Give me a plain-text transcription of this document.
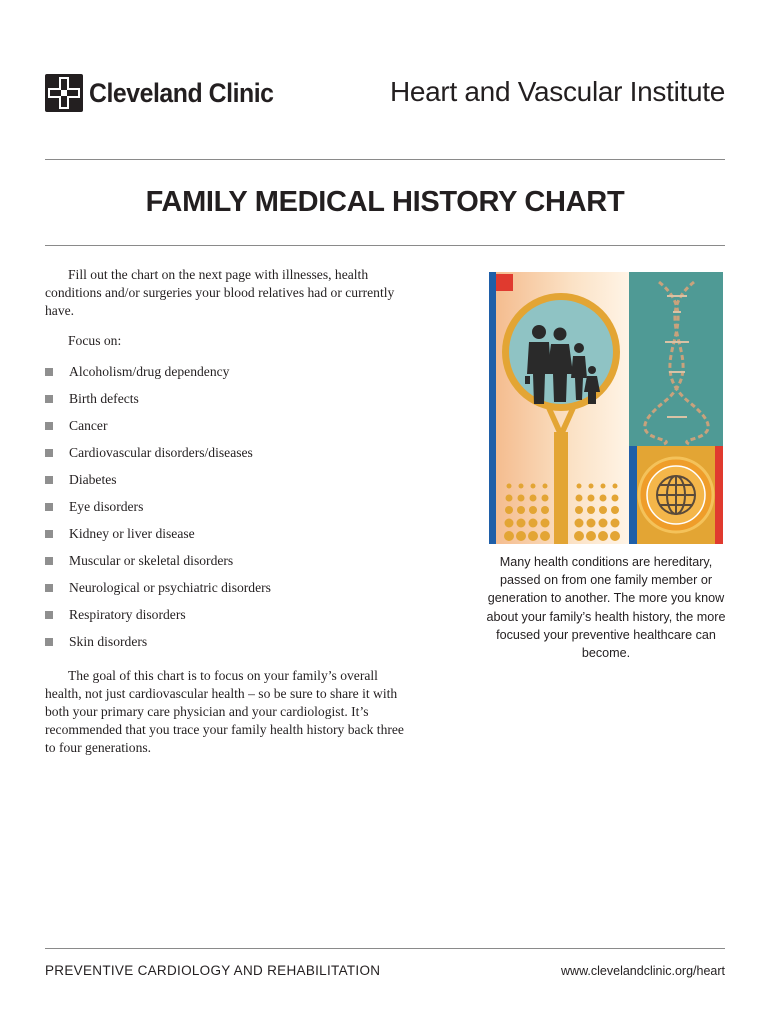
Cleveland Clinic	Heart and Vascular Institute
FAMILY MEDICAL HISTORY CHART

Fill out the chart on the next page with illnesses, health conditions and/or surgeries your blood relatives had or currently have.

Focus on:
Alcoholism/drug dependency
Birth defects
Cancer
Cardiovascular disorders/diseases
Diabetes
Eye disorders
Kidney or liver disease
Muscular or skeletal disorders
Neurological or psychiatric disorders
Respiratory disorders
Skin disorders

The goal of this chart is to focus on your family’s overall health, not just cardiovascular health – so be sure to share it with both your primary care physician and your cardiologist. It’s recommended that you trace your family health history back three to four generations.

Many health conditions are hereditary, passed on from one family member or generation to another. The more you know about your family’s health history, the more focused your preventive healthcare can become.
PREVENTIVE CARDIOLOGY AND REHABILITATION	www.clevelandclinic.org/heart
